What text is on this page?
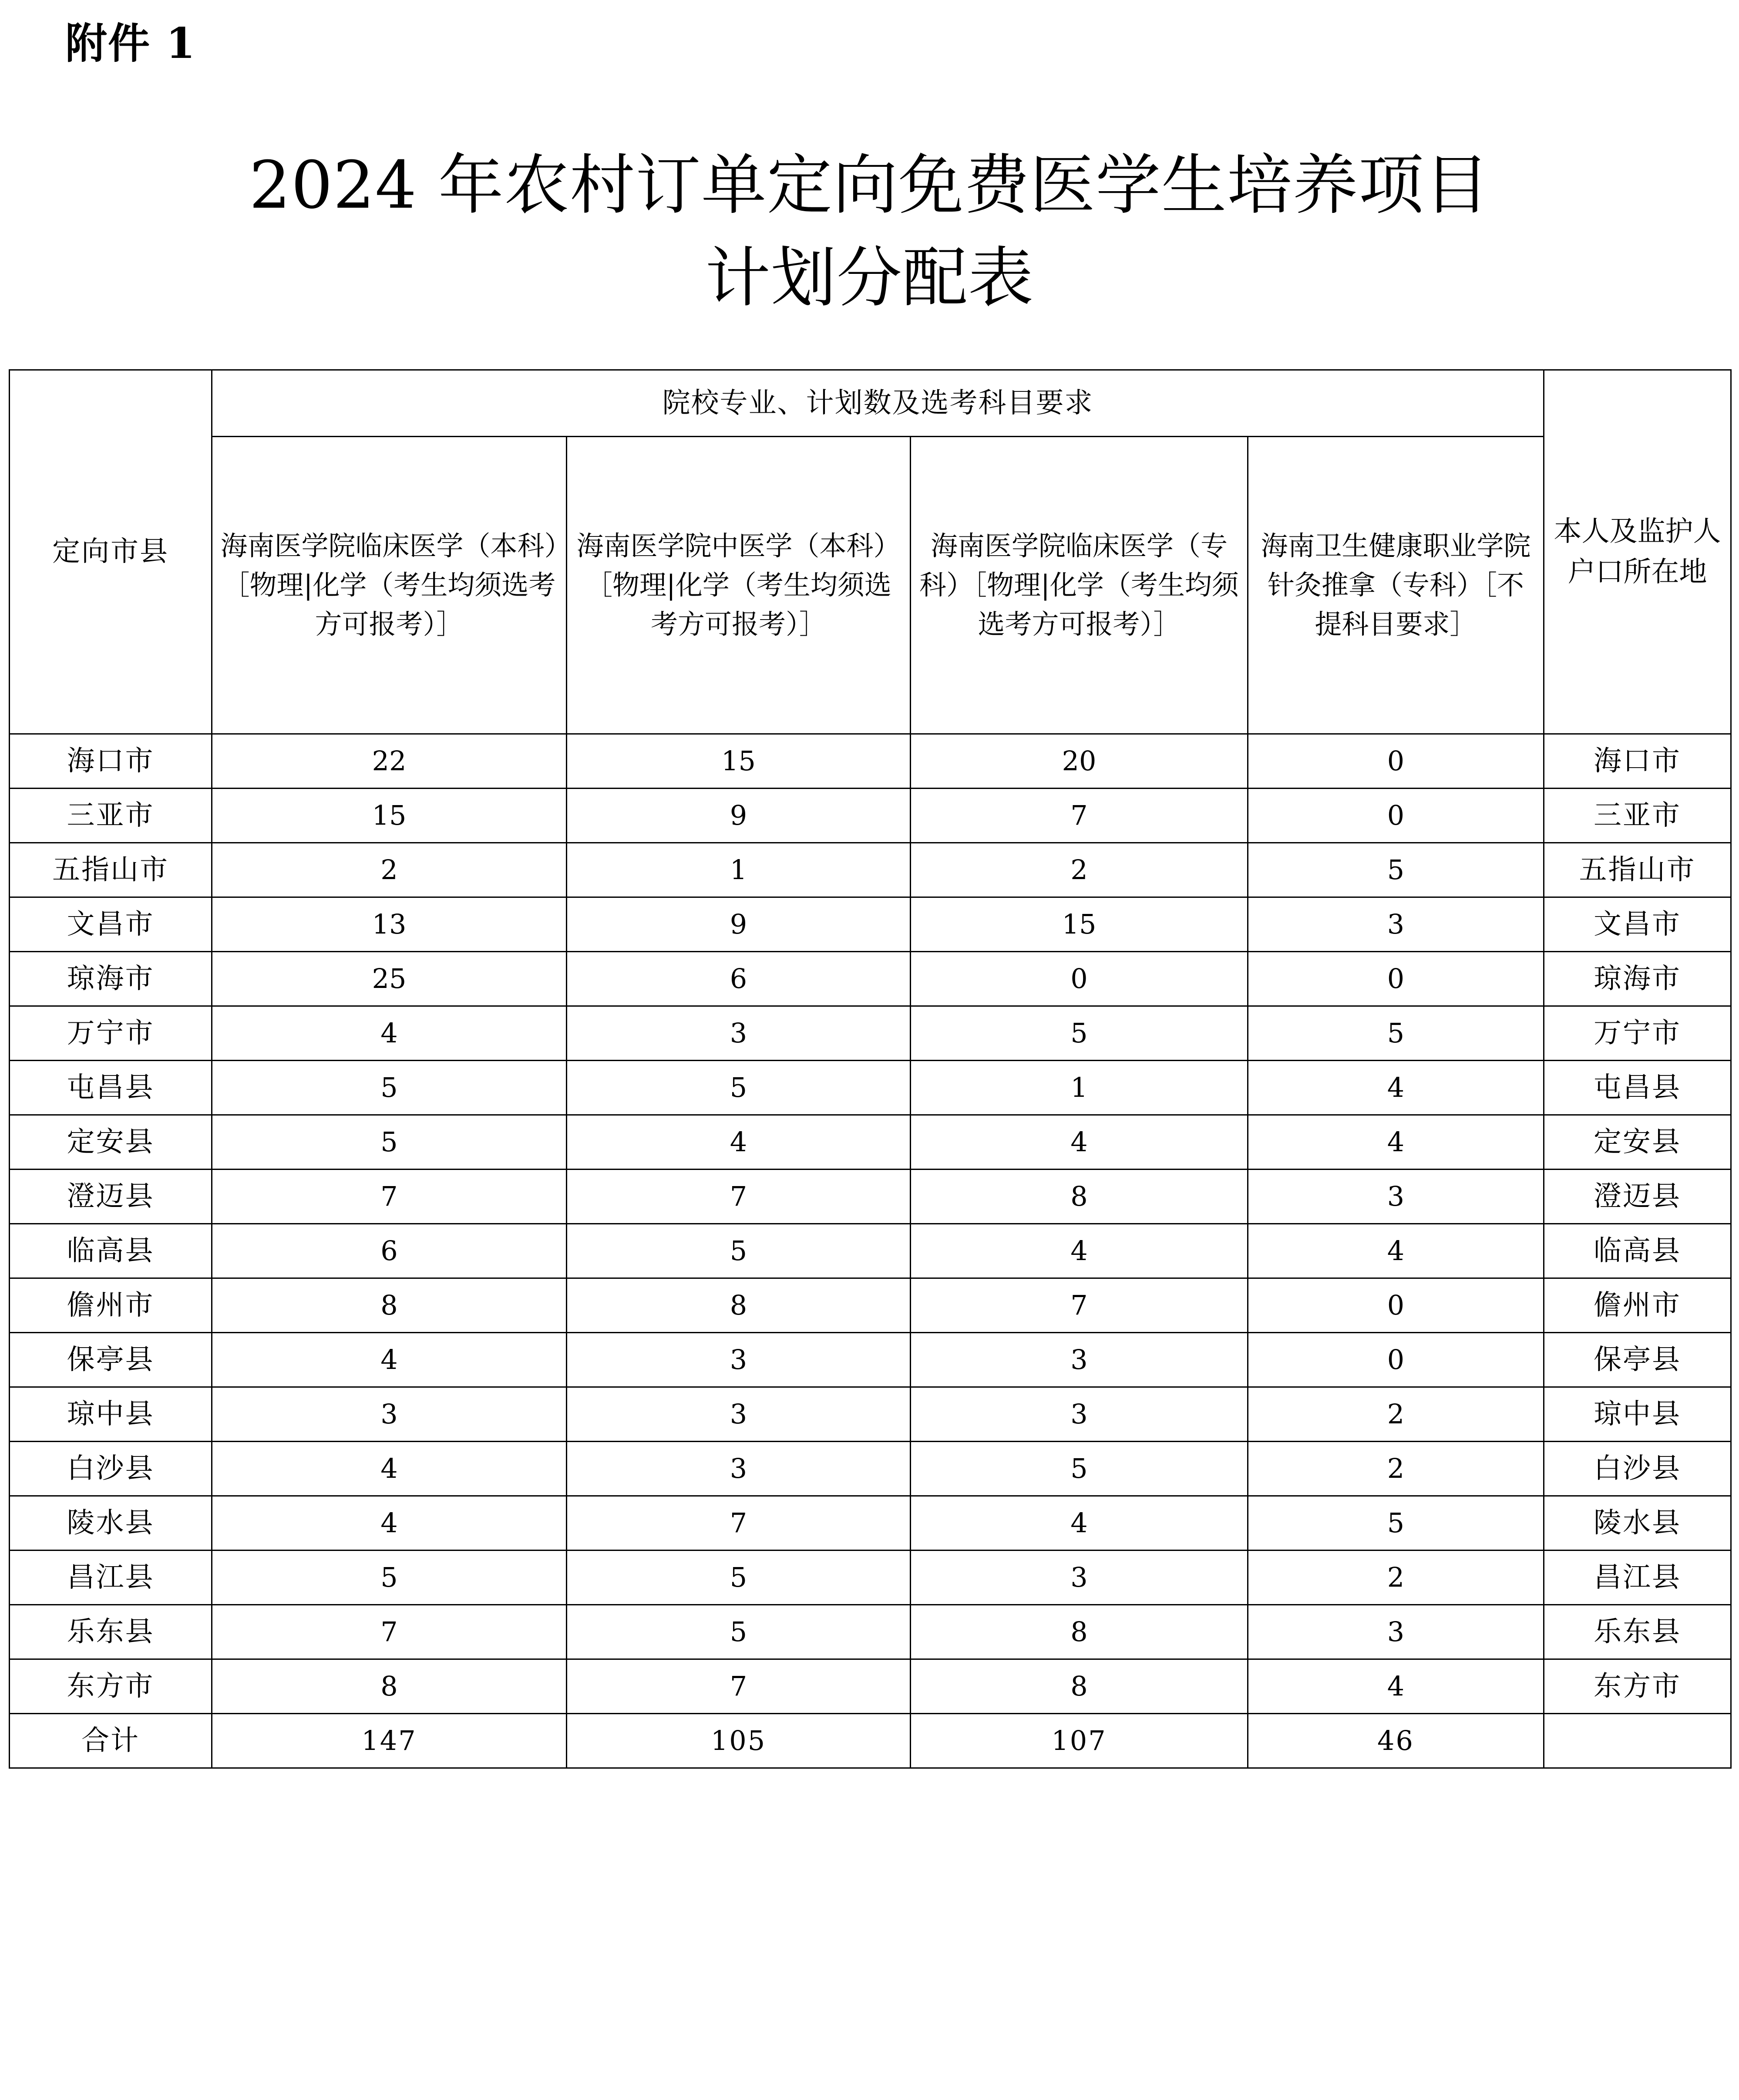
附件 1
2024 年农村订单定向免费医学生培养项目
计划分配表
定向市县	院校专业、计划数及选考科目要求				本人及监护人户口所在地
	海南医学院临床医学（本科）［物理|化学（考生均须选考方可报考）］	海南医学院中医学（本科）［物理|化学（考生均须选考方可报考）］	海南医学院临床医学（专科）［物理|化学（考生均须选考方可报考）］	海南卫生健康职业学院针灸推拿（专科）［不提科目要求］	
海口市	22	15	20	0	海口市
三亚市	15	9	7	0	三亚市
五指山市	2	1	2	5	五指山市
文昌市	13	9	15	3	文昌市
琼海市	25	6	0	0	琼海市
万宁市	4	3	5	5	万宁市
屯昌县	5	5	1	4	屯昌县
定安县	5	4	4	4	定安县
澄迈县	7	7	8	3	澄迈县
临高县	6	5	4	4	临高县
儋州市	8	8	7	0	儋州市
保亭县	4	3	3	0	保亭县
琼中县	3	3	3	2	琼中县
白沙县	4	3	5	2	白沙县
陵水县	4	7	4	5	陵水县
昌江县	5	5	3	2	昌江县
乐东县	7	5	8	3	乐东县
东方市	8	7	8	4	东方市
合计	147	105	107	46	
